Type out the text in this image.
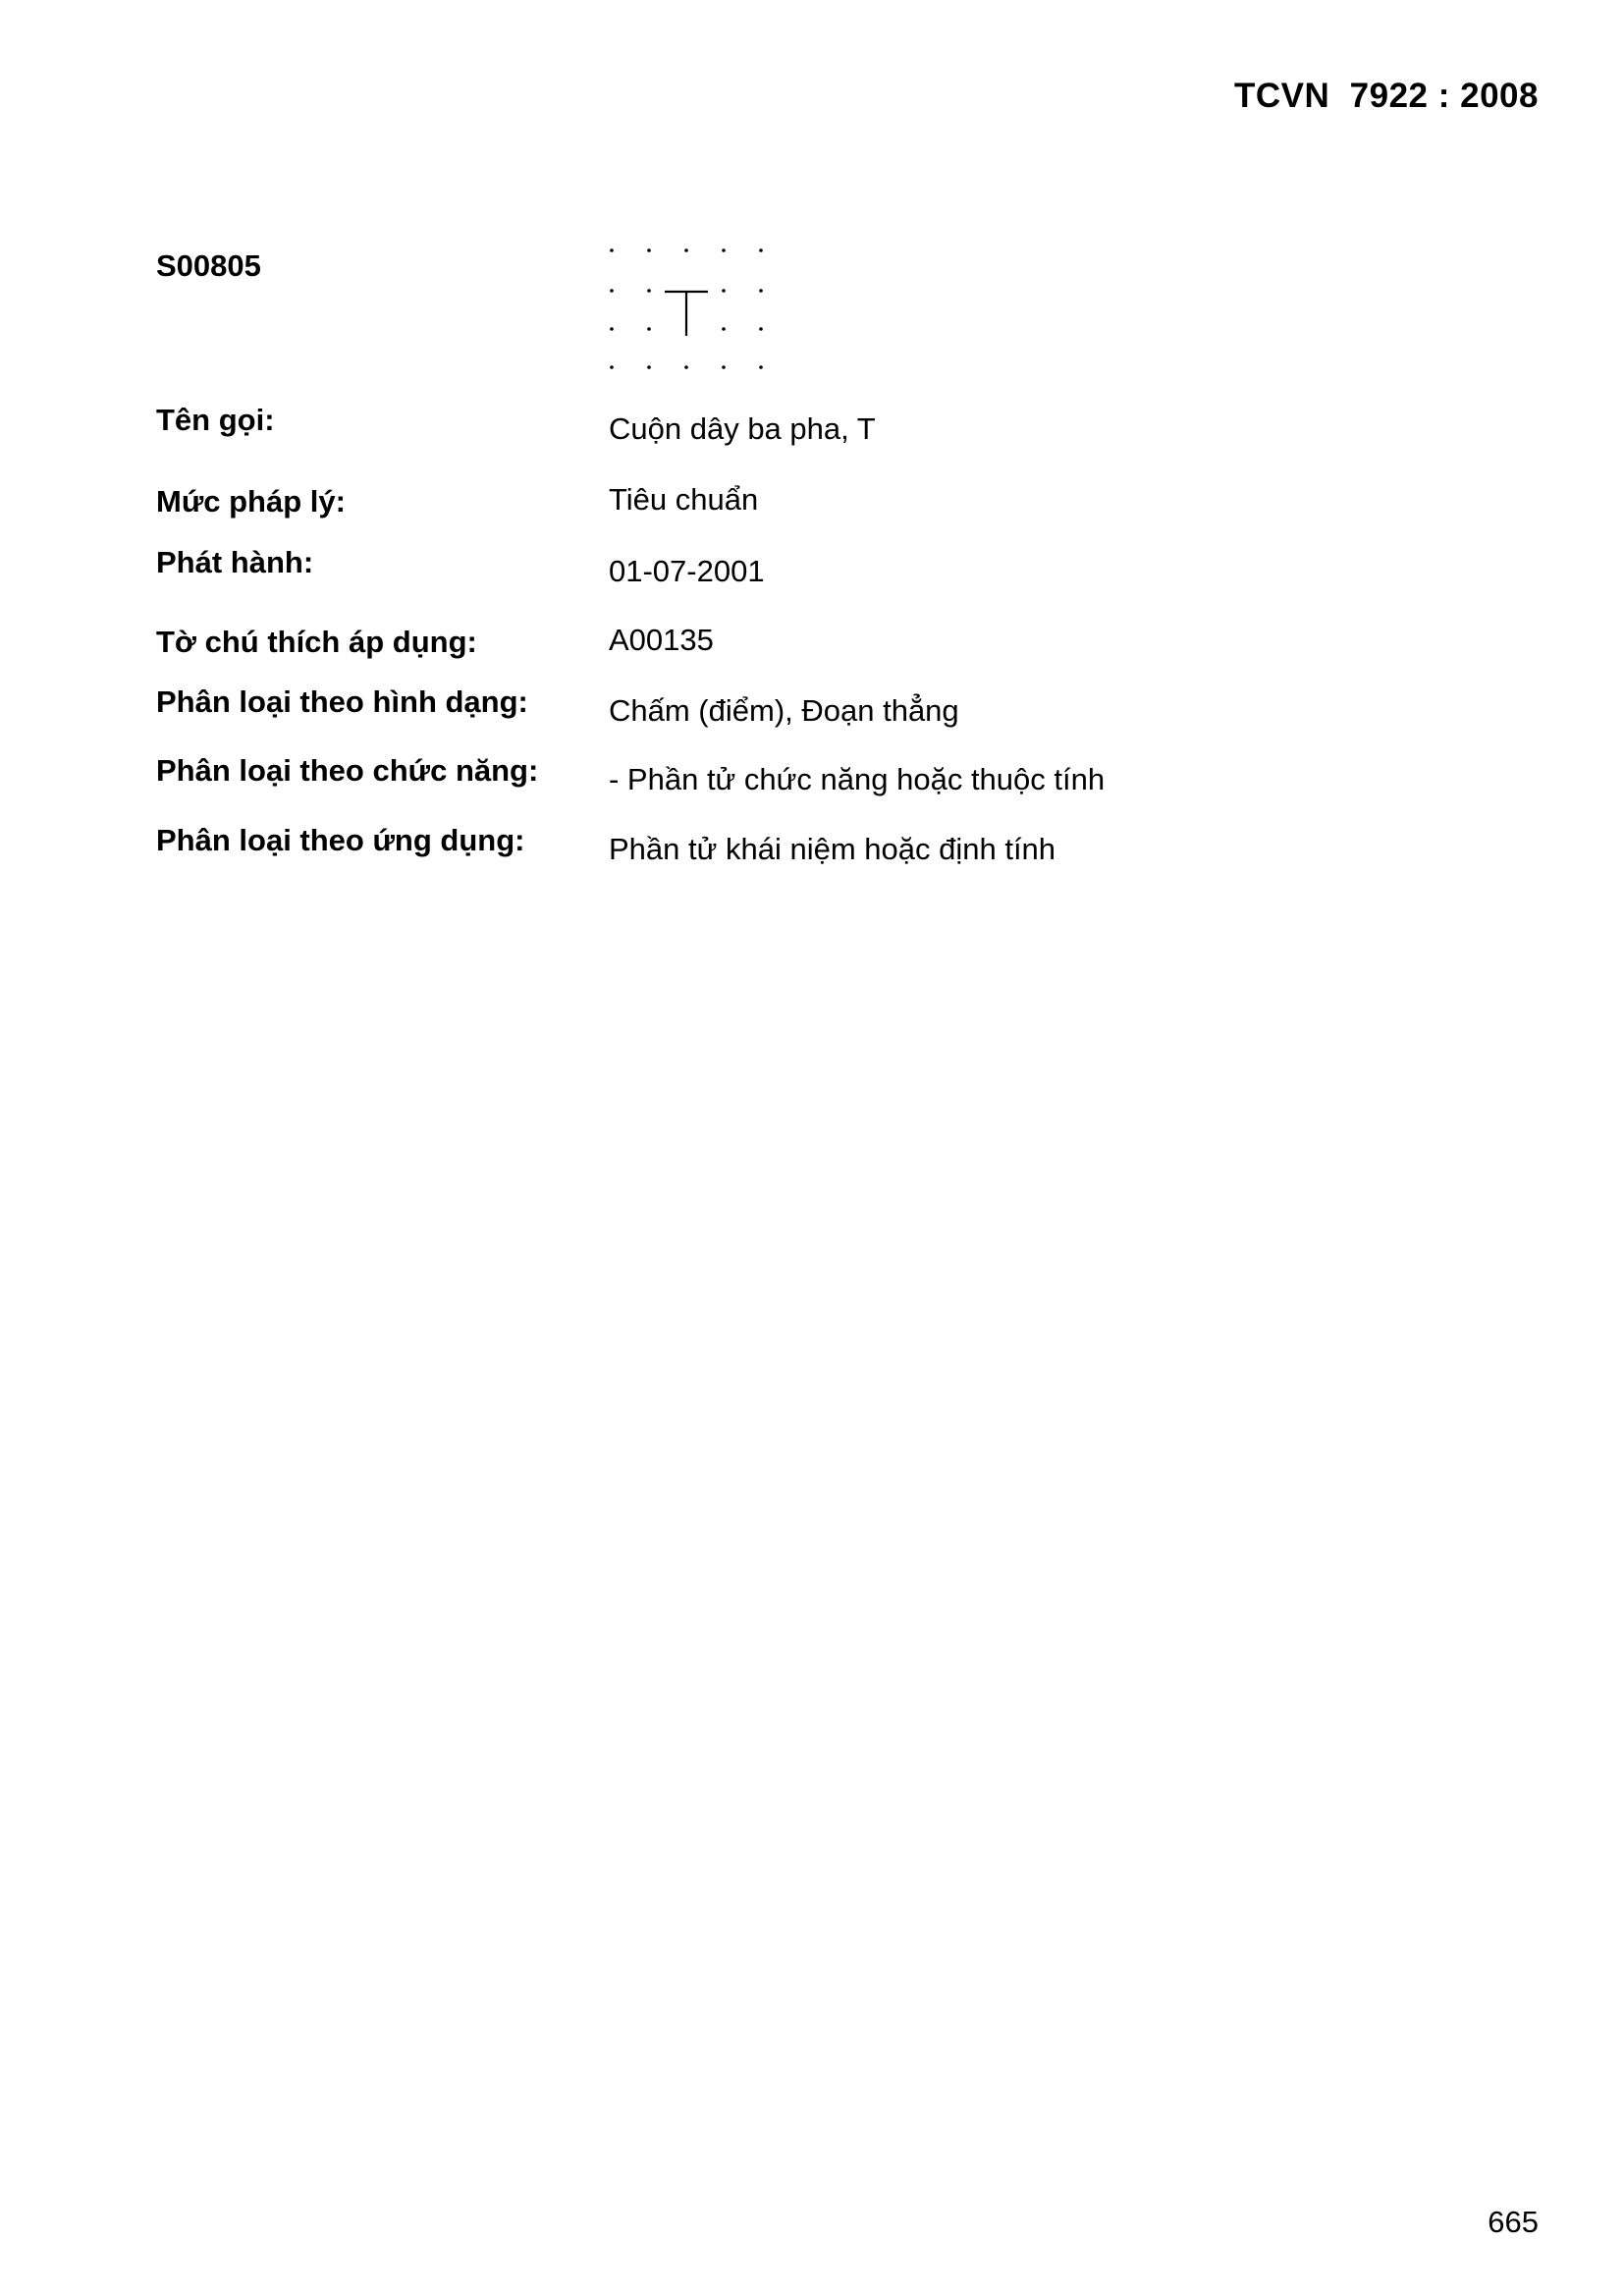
TCVN  7922 : 2008
S00805
Tên gọi:	Cuộn dây ba pha, T
Mức pháp lý:	Tiêu chuẩn
Phát hành:	01-07-2001
Tờ chú thích áp dụng:	A00135
Phân loại theo hình dạng:	Chấm (điểm), Đoạn thẳng
Phân loại theo chức năng: - Phần tử chức năng hoặc thuộc tính
Phân loại theo ứng dụng:	Phần tử khái niệm hoặc định tính
665
